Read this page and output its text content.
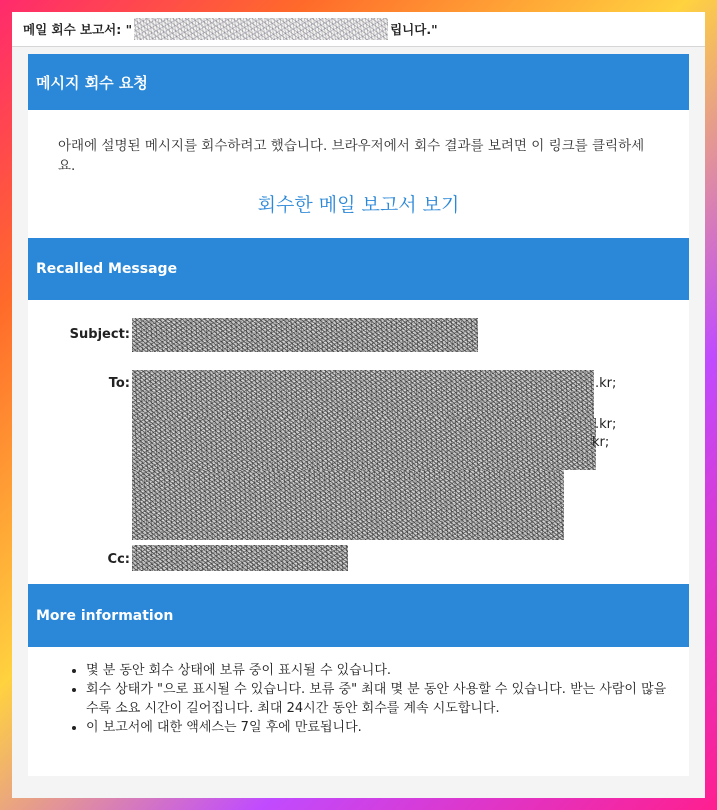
메일 회수 보고서: "	립니다."
메시지 회수 요청
아래에 설명된 메시지를 회수하려고 했습니다. 브라우저에서 회수 결과를 보려면 이 링크를 클릭하세요.
회수한 메일 보고서 보기
Recalled Message
Subject:
To:	.kr;
.kr;
kr;
Cc:
More information
• 몇 분 동안 회수 상태에 보류 중이 표시될 수 있습니다.
• 회수 상태가 "으로 표시될 수 있습니다. 보류 중" 최대 몇 분 동안 사용할 수 있습니다. 받는 사람이 많을수록 소요 시간이 길어집니다. 최대 24시간 동안 회수를 계속 시도합니다.
• 이 보고서에 대한 액세스는 7일 후에 만료됩니다.
